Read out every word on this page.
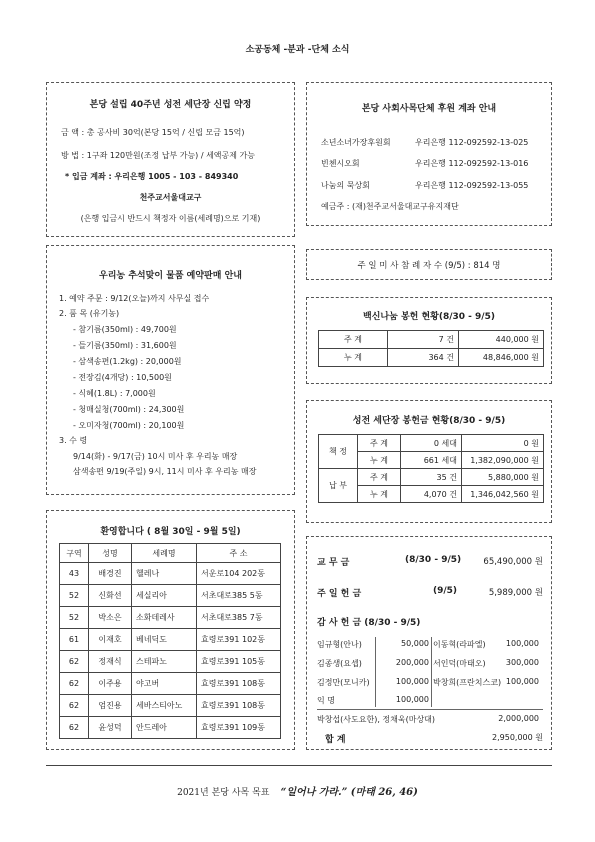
소공동체 -분과 -단체 소식
본당 설립 40주년 성전 세단장 신립 약정
금 액 : 총 공사비 30억(본당 15억 / 신립 모금 15억)
방 법 : 1구좌 120만원(조정 납부 가능) / 세액공제 가능
* 입금 계좌 : 우리은행 1005 - 103 - 849340
천주교서울대교구
(은행 입금시 반드시 책정자 이름(세례명)으로 기재)
본당 사회사목단체 후원 계좌 안내
소년소녀가장후원회	우리은행 112-092592-13-025
빈첸시오회	우리은행 112-092592-13-016
나눔의 묵상회	우리은행 112-092592-13-055
예금주 : (재)천주교서울대교구유지재단
주 일 미 사 참 례 자 수 (9/5) : 814 명
우리농 추석맞이 물품 예약판매 안내
1. 예약 주문 : 9/12(오늘)까지 사무실 접수
2. 품 목 (유기농)
- 참기름(350ml) : 49,700원
- 들기름(350ml) : 31,600원
- 삼색송편(1.2kg) : 20,000원
- 전장김(4개당) : 10,500원
- 식혜(1.8L) : 7,000원
- 청매실청(700ml) : 24,300원
- 오미자청(700ml) : 20,100원
3. 수 령
9/14(화) - 9/17(금) 10시 미사 후 우리농 매장
삼색송편 9/19(주일) 9시, 11시 미사 후 우리농 매장
백신나눔 봉헌 현황(8/30 - 9/5)
주 계	7 건	440,000 원
누 계	364 건	48,846,000 원
성전 세단장 봉헌금 현황(8/30 - 9/5)
책 정	주 계	0 세대	0 원
	누 계	661 세대	1,382,090,000 원
납 부	주 계	35 건	5,880,000 원
	누 계	4,070 건	1,346,042,560 원
환영합니다 ( 8월 30일 - 9월 5일)
구역	성명	세례명	주 소
43	배경진	헬레나	서운로104 202동
52	신화선	세실리아	서초대로385 5동
52	박소은	소화데레사	서초대로385 7동
61	이재호	베네딕도	효령로391 102동
62	정재식	스테파노	효령로391 105동
62	이주용	야고버	효령로391 108동
62	엄진용	세바스티아노	효령로391 108동
62	윤성덕	안드레아	효령로391 109동
교 무 금	(8/30 - 9/5)	65,490,000 원
주 일 헌 금	(9/5)	5,989,000 원
감 사 헌 금 (8/30 - 9/5)
임규형(안나)	50,000 이동혁(라파엘)	100,000
김종생(요셉)	200,000 서인덕(마태오)	300,000
김정만(모니카)	100,000 박창희(프란치스코) 100,000
익 명	100,000
박창섭(사도요한), 정채욱(마상대)	2,000,000
합 계	2,950,000 원
2021년 본당 사목 목표 “일어나 가라.” (마태 26, 46)
